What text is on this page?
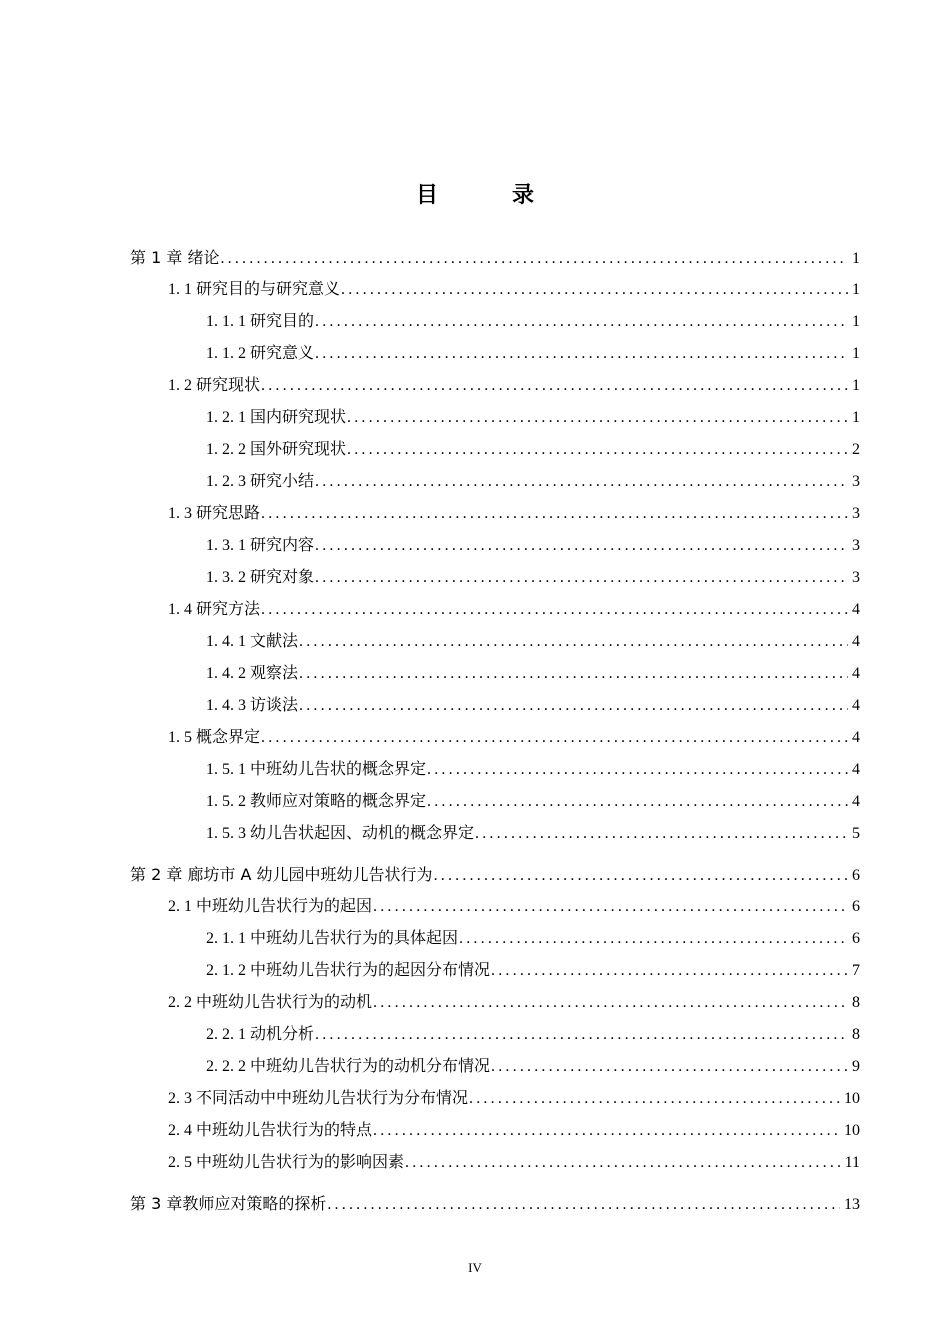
目　录
第 1 章 绪论 .....	1
1. 1 研究目的与研究意义 .....	1
1. 1. 1 研究目的 .....	1
1. 1. 2 研究意义 .....	1
1. 2 研究现状 .....	1
1. 2. 1 国内研究现状 .....	1
1. 2. 2 国外研究现状 .....	2
1. 2. 3 研究小结 .....	3
1. 3 研究思路 .....	3
1. 3. 1 研究内容 .....	3
1. 3. 2 研究对象 .....	3
1. 4 研究方法 .....	4
1. 4. 1 文献法 .....	4
1. 4. 2 观察法 .....	4
1. 4. 3 访谈法 .....	4
1. 5 概念界定 .....	4
1. 5. 1 中班幼儿告状的概念界定 .....	4
1. 5. 2 教师应对策略的概念界定 .....	4
1. 5. 3 幼儿告状起因、动机的概念界定 .....	5
第 2 章 廊坊市 A 幼儿园中班幼儿告状行为 .....	6
2. 1 中班幼儿告状行为的起因 .....	6
2. 1. 1 中班幼儿告状行为的具体起因 .....	6
2. 1. 2 中班幼儿告状行为的起因分布情况 .....	7
2. 2 中班幼儿告状行为的动机 .....	8
2. 2. 1 动机分析 .....	8
2. 2. 2 中班幼儿告状行为的动机分布情况 .....	9
2. 3 不同活动中中班幼儿告状行为分布情况 .....	10
2. 4 中班幼儿告状行为的特点 .....	10
2. 5 中班幼儿告状行为的影响因素 .....	11
第 3 章教师应对策略的探析 .....	13
IV
